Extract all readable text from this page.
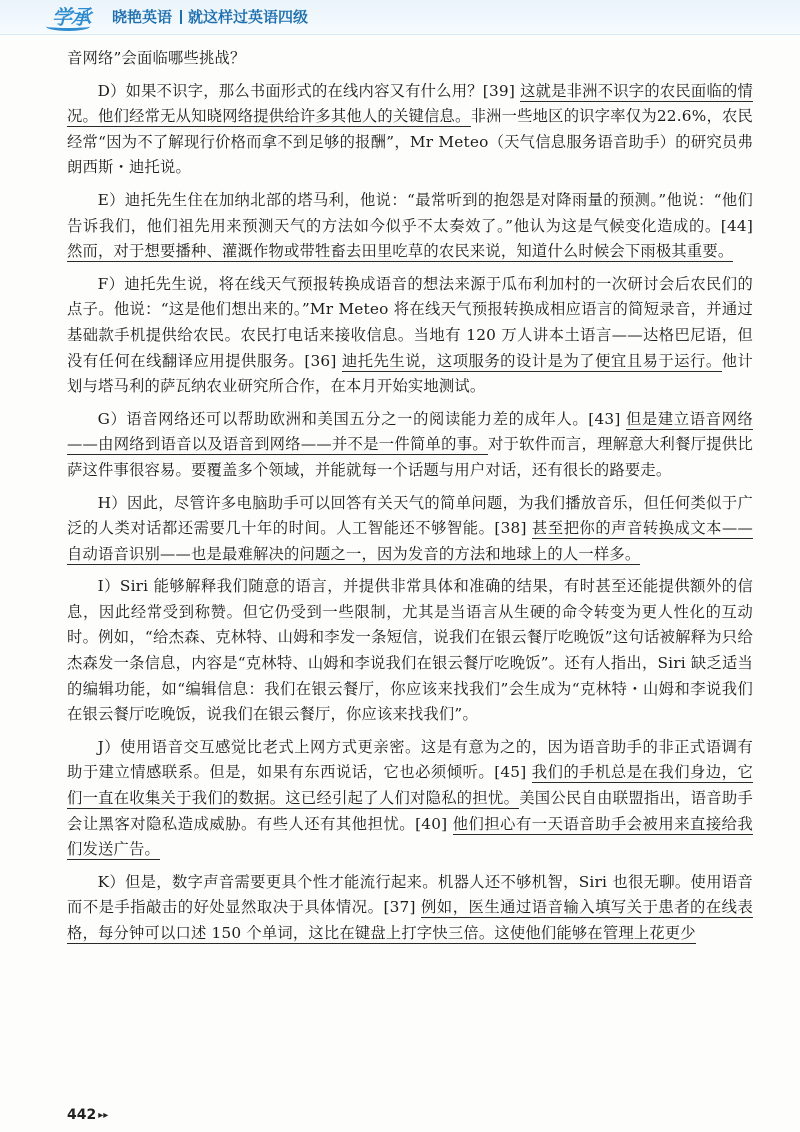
学承 晓艳英语 就这样过英语四级

音网络”会面临哪些挑战？

D）如果不识字，那么书面形式的在线内容又有什么用？[39] 这就是非洲不识字的农民面临的情况。他们经常无从知晓网络提供给许多其他人的关键信息。非洲一些地区的识字率仅为22.6%，农民经常“因为不了解现行价格而拿不到足够的报酬”，Mr Meteo（天气信息服务语音助手）的研究员弗朗西斯・迪托说。

E）迪托先生住在加纳北部的塔马利，他说：“最常听到的抱怨是对降雨量的预测。”他说：“他们告诉我们，他们祖先用来预测天气的方法如今似乎不太奏效了。”他认为这是气候变化造成的。[44] 然而，对于想要播种、灌溉作物或带牲畜去田里吃草的农民来说，知道什么时候会下雨极其重要。

F）迪托先生说，将在线天气预报转换成语音的想法来源于瓜布利加村的一次研讨会后农民们的点子。他说：“这是他们想出来的。”Mr Meteo 将在线天气预报转换成相应语言的简短录音，并通过基础款手机提供给农民。农民打电话来接收信息。当地有 120 万人讲本土语言——达格巴尼语，但没有任何在线翻译应用提供服务。[36] 迪托先生说，这项服务的设计是为了便宜且易于运行。他计划与塔马利的萨瓦纳农业研究所合作，在本月开始实地测试。

G）语音网络还可以帮助欧洲和美国五分之一的阅读能力差的成年人。[43] 但是建立语音网络——由网络到语音以及语音到网络——并不是一件简单的事。对于软件而言，理解意大利餐厅提供比萨这件事很容易。要覆盖多个领域，并能就每一个话题与用户对话，还有很长的路要走。

H）因此，尽管许多电脑助手可以回答有关天气的简单问题，为我们播放音乐，但任何类似于广泛的人类对话都还需要几十年的时间。人工智能还不够智能。[38] 甚至把你的声音转换成文本——自动语音识别——也是最难解决的问题之一，因为发音的方法和地球上的人一样多。

I）Siri 能够解释我们随意的语言，并提供非常具体和准确的结果，有时甚至还能提供额外的信息，因此经常受到称赞。但它仍受到一些限制，尤其是当语言从生硬的命令转变为更人性化的互动时。例如，“给杰森、克林特、山姆和李发一条短信，说我们在银云餐厅吃晚饭”这句话被解释为只给杰森发一条信息，内容是“克林特、山姆和李说我们在银云餐厅吃晚饭”。还有人指出，Siri 缺乏适当的编辑功能，如“编辑信息：我们在银云餐厅，你应该来找我们”会生成为“克林特・山姆和李说我们在银云餐厅吃晚饭，说我们在银云餐厅，你应该来找我们”。

J）使用语音交互感觉比老式上网方式更亲密。这是有意为之的，因为语音助手的非正式语调有助于建立情感联系。但是，如果有东西说话，它也必须倾听。[45] 我们的手机总是在我们身边，它们一直在收集关于我们的数据。这已经引起了人们对隐私的担忧。美国公民自由联盟指出，语音助手会让黑客对隐私造成威胁。有些人还有其他担忧。[40] 他们担心有一天语音助手会被用来直接给我们发送广告。

K）但是，数字声音需要更具个性才能流行起来。机器人还不够机智，Siri 也很无聊。使用语音而不是手指敲击的好处显然取决于具体情况。[37] 例如，医生通过语音输入填写关于患者的在线表格，每分钟可以口述 150 个单词，这比在键盘上打字快三倍。这使他们能够在管理上花更少

442 ▸▸
